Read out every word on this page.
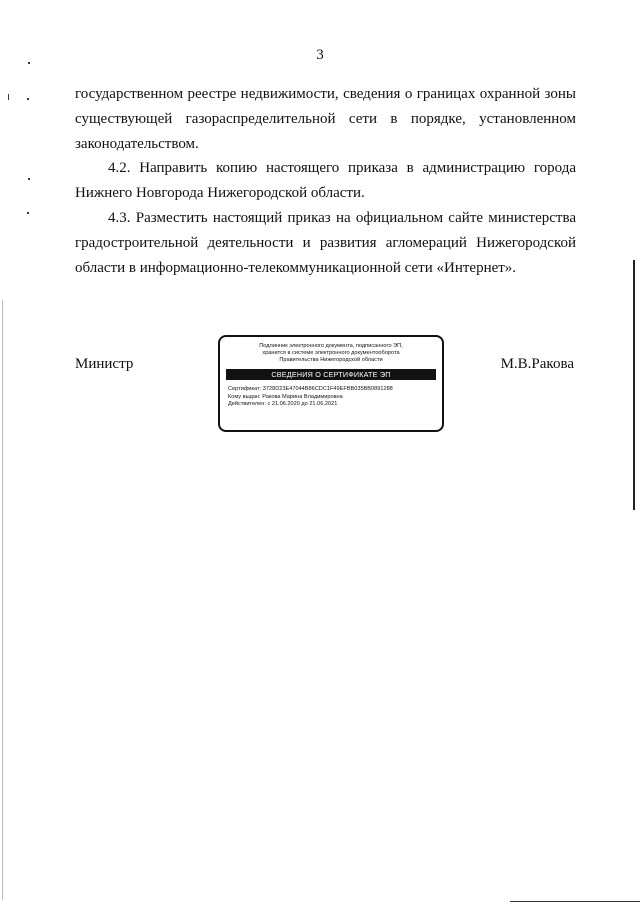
3
государственном реестре недвижимости, сведения о границах охранной зоны
существующей газораспределительной сети в порядке, установленном
законодательством.
4.2. Направить копию настоящего приказа в администрацию города Нижнего Новгорода Нижегородской области.
4.3. Разместить настоящий приказ на официальном сайте министерства градостроительной деятельности и развития агломераций Нижегородской области в информационно-телекоммуникационной сети «Интернет».
Министр
Подлинник электронного документа, подписанного ЭП,
хранится в системе электронного документооборота
Правительства Нижегородской области
СВЕДЕНИЯ О СЕРТИФИКАТЕ ЭП
Сертификат: 3728D23E47044B86CDC1F49EFBB035BB0891288
Кому выдан: Ракова Марина Владимировна
Действителен: с 21.06.2020 до 21.06.2021
М.В.Ракова
